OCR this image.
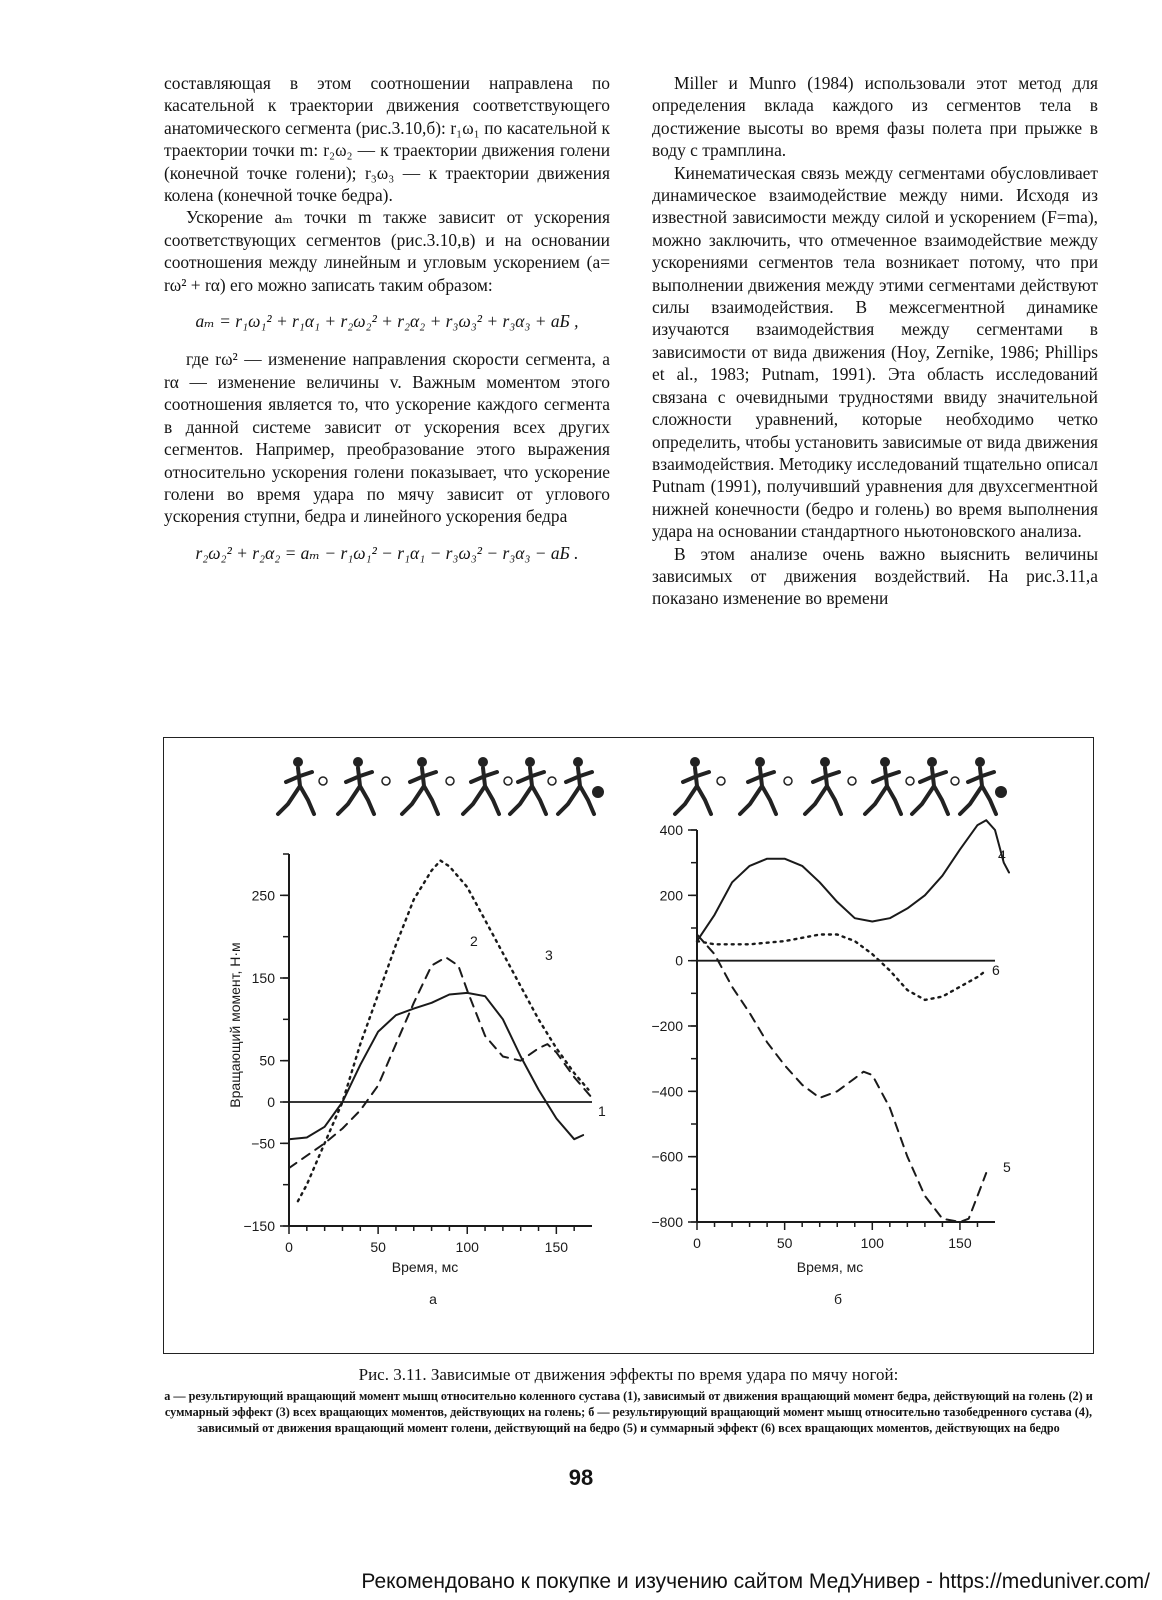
составляющая в этом соотношении направлена по касательной к траектории движения соответствующего анатомического сегмента (рис.3.10,б): r₁ω₁ по касательной к траектории точки m: r₂ω₂ — к траектории движения голени (конечной точке голени); r₃ω₃ — к траектории движения колена (конечной точке бедра).

Ускорение aₘ точки m также зависит от ускорения соответствующих сегментов (рис.3.10,в) и на основании соотношения между линейным и угловым ускорением (a= rω² + rα) его можно записать таким образом:

aₘ = r₁ω₁² + r₁α₁ + r₂ω₂² + r₂α₂ + r₃ω₃² + r₃α₃ + aБ ,

где rω² — изменение направления скорости сегмента, а rα — изменение величины v. Важным моментом этого соотношения является то, что ускорение каждого сегмента в данной системе зависит от ускорения всех других сегментов. Например, преобразование этого выражения относительно ускорения голени показывает, что ускорение голени во время удара по мячу зависит от углового ускорения ступни, бедра и линейного ускорения бедра

r₂ω₂² + r₂α₂ = aₘ − r₁ω₁² − r₁α₁ − r₃ω₃² − r₃α₃ − aБ .

Miller и Munro (1984) использовали этот метод для определения вклада каждого из сегментов тела в достижение высоты во время фазы полета при прыжке в воду с трамплина.

Кинематическая связь между сегментами обусловливает динамическое взаимодействие между ними. Исходя из известной зависимости между силой и ускорением (F=ma), можно заключить, что отмеченное взаимодействие между ускорениями сегментов тела возникает потому, что при выполнении движения между этими сегментами действуют силы взаимодействия. В межсегментной динамике изучаются взаимодействия между сегментами в зависимости от вида движения (Hoy, Zernike, 1986; Phillips et al., 1983; Putnam, 1991). Эта область исследований связана с очевидными трудностями ввиду значительной сложности уравнений, которые необходимо четко определить, чтобы установить зависимые от вида движения взаимодействия. Методику исследований тщательно описал Putnam (1991), получивший уравнения для двухсегментной нижней конечности (бедро и голень) во время выполнения удара на основании стандартного ньютоновского анализа.

В этом анализе очень важно выяснить величины зависимых от движения воздействий. На рис.3.11,а показано изменение во времени

−150
−50
0
50
150
250
0	50	100	150
Время, мс
Вращающий момент, Н·м
а
1
2
3
−800
−600
−400
−200
0
200
400
0	50	100	150
Время, мс
б
4
5
6
Рис. 3.11. Зависимые от движения эффекты по время удара по мячу ногой:
а — результирующий вращающий момент мышц относительно коленного сустава (1), зависимый от движения вращающий момент бедра, действующий на голень (2) и суммарный эффект (3) всех вращающих моментов, действующих на голень; б — результирующий вращающий момент мышц относительно тазобедренного сустава (4), зависимый от движения вращающий момент голени, действующий на бедро (5) и суммарный эффект (6) всех вращающих моментов, действующих на бедро
98
Рекомендовано к покупке и изучению сайтом МедУнивер - https://meduniver.com/
